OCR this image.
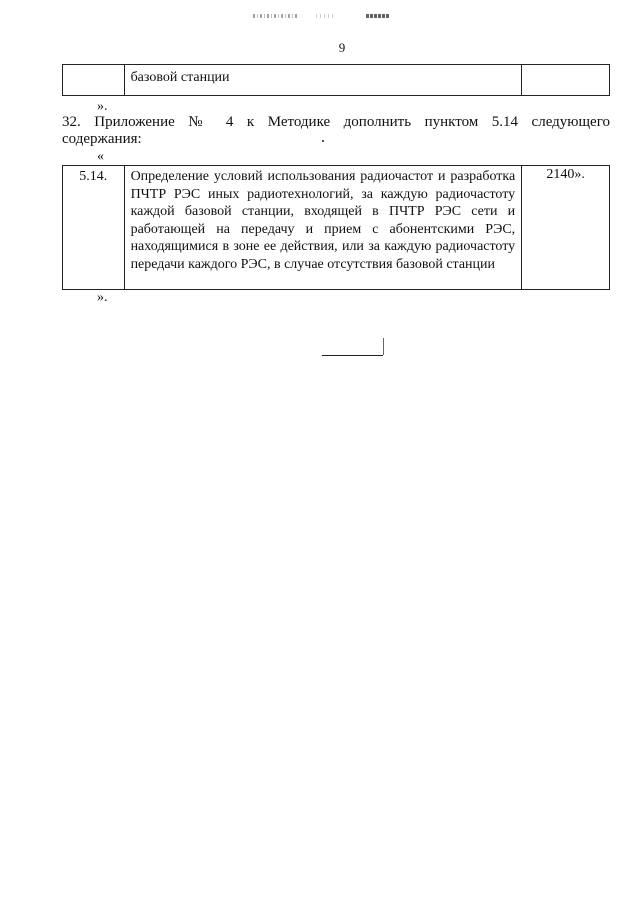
9

базовой станции

».
32. Приложение № 4 к Методике дополнить пунктом 5.14 следующего
содержания:
«
5.14.	Определение условий использования радиочастот и разработка ПЧТР РЭС иных радиотехнологий, за каждую радиочастоту каждой базовой станции, входящей в ПЧТР РЭС сети и работающей на передачу и прием с абонентскими РЭС, находящимися в зоне ее действия, или за каждую радиочастоту передачи каждого РЭС, в случае отсутствия базовой станции	2140».
».
